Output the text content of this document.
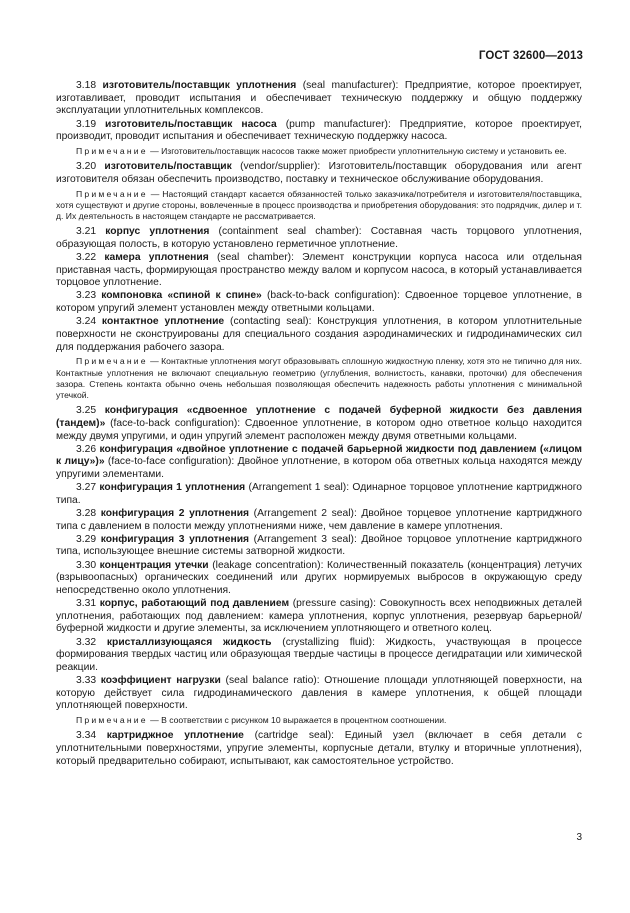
ГОСТ 32600—2013

3.18 изготовитель/поставщик уплотнения (seal manufacturer): Предприятие, которое проектирует, изготавливает, проводит испытания и обеспечивает техническую поддержку и общую поддержку эксплуатации уплотнительных комплексов.

3.19 изготовитель/поставщик насоса (pump manufacturer): Предприятие, которое проектирует, производит, проводит испытания и обеспечивает техническую поддержку насоса.

Примечание — Изготовитель/поставщик насосов также может приобрести уплотнительную систему и установить ее.

3.20 изготовитель/поставщик (vendor/supplier): Изготовитель/поставщик оборудования или агент изготовителя обязан обеспечить производство, поставку и техническое обслуживание оборудования.

Примечание — Настоящий стандарт касается обязанностей только заказчика/потребителя и изготовителя/поставщика, хотя существуют и другие стороны, вовлеченные в процесс производства и приобретения оборудования: это подрядчик, дилер и т. д. Их деятельность в настоящем стандарте не рассматривается.

3.21 корпус уплотнения (containment seal chamber): Составная часть торцового уплотнения, образующая полость, в которую установлено герметичное уплотнение.

3.22 камера уплотнения (seal chamber): Элемент конструкции корпуса насоса или отдельная приставная часть, формирующая пространство между валом и корпусом насоса, в который устанавливается торцовое уплотнение.

3.23 компоновка «спиной к спине» (back-to-back configuration): Сдвоенное торцевое уплотнение, в котором упругий элемент установлен между ответными кольцами.

3.24 контактное уплотнение (contacting seal): Конструкция уплотнения, в котором уплотнительные поверхности не сконструированы для специального создания аэродинамических и гидродинамических сил для поддержания рабочего зазора.

Примечание — Контактные уплотнения могут образовывать сплошную жидкостную пленку, хотя это не типично для них. Контактные уплотнения не включают специальную геометрию (углубления, волнистость, канавки, проточки) для обеспечения зазора. Степень контакта обычно очень небольшая позволяющая обеспечить надежность работы уплотнения с минимальной утечкой.

3.25 конфигурация «сдвоенное уплотнение с подачей буферной жидкости без давления (тандем)» (face-to-back configuration): Сдвоенное уплотнение, в котором одно ответное кольцо находится между двумя упругими, и один упругий элемент расположен между двумя ответными кольцами.

3.26 конфигурация «двойное уплотнение с подачей барьерной жидкости под давлением («лицом к лицу»)» (face-to-face configuration): Двойное уплотнение, в котором оба ответных кольца находятся между упругими элементами.

3.27 конфигурация 1 уплотнения (Arrangement 1 seal): Одинарное торцовое уплотнение картриджного типа.

3.28 конфигурация 2 уплотнения (Arrangement 2 seal): Двойное торцевое уплотнение картриджного типа с давлением в полости между уплотнениями ниже, чем давление в камере уплотнения.

3.29 конфигурация 3 уплотнения (Arrangement 3 seal): Двойное торцовое уплотнение картриджного типа, использующее внешние системы затворной жидкости.

3.30 концентрация утечки (leakage concentration): Количественный показатель (концентрация) летучих (взрывоопасных) органических соединений или других нормируемых выбросов в окружающую среду непосредственно около уплотнения.

3.31 корпус, работающий под давлением (pressure casing): Совокупность всех неподвижных деталей уплотнения, работающих под давлением: камера уплотнения, корпус уплотнения, резервуар барьерной/буферной жидкости и другие элементы, за исключением уплотняющего и ответного колец.

3.32 кристаллизующаяся жидкость (crystallizing fluid): Жидкость, участвующая в процессе формирования твердых частиц или образующая твердые частицы в процессе дегидратации или химической реакции.

3.33 коэффициент нагрузки (seal balance ratio): Отношение площади уплотняющей поверхности, на которую действует сила гидродинамического давления в камере уплотнения, к общей площади уплотняющей поверхности.

Примечание — В соответствии с рисунком 10 выражается в процентном соотношении.

3.34 картриджное уплотнение (cartridge seal): Единый узел (включает в себя детали с уплотнительными поверхностями, упругие элементы, корпусные детали, втулку и вторичные уплотнения), который предварительно собирают, испытывают, как самостоятельное устройство.

3
